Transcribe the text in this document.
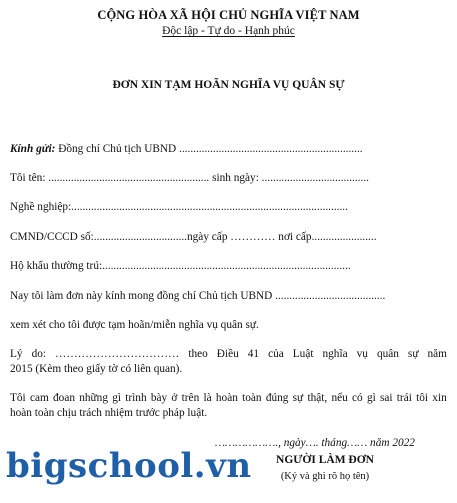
CỘNG HÒA XÃ HỘI CHỦ NGHĨA VIỆT NAM
Độc lập - Tự do - Hạnh phúc
ĐƠN XIN TẠM HOÃN NGHĨA VỤ QUÂN SỰ
Kính gửi: Đồng chí Chủ tịch UBND .................................................................
Tôi tên: ......................................................... sinh ngày: ......................................
Nghề nghiệp:..................................................................................................
CMND/CCCD số:.................................ngày cấp ………… nơi cấp.......................
Hộ khẩu thường trú:........................................................................................
Nay tôi làm đơn này kính mong đồng chí Chủ tịch UBND .......................................
xem xét cho tôi được tạm hoãn/miễn nghĩa vụ quân sự.
Lý do: …………………………… theo Điều 41 của Luật nghĩa vụ quân sự năm
2015 (Kèm theo giấy tờ có liên quan).
Tôi cam đoan những gì trình bày ở trên là hoàn toàn đúng sự thật, nếu có gì sai trái tôi xin
hoàn toàn chịu trách nhiệm trước pháp luật.
………………., ngày…. tháng…… năm 2022
NGƯỜI LÀM ĐƠN
(Ký và ghi rõ họ tên)
bigschool.vn
